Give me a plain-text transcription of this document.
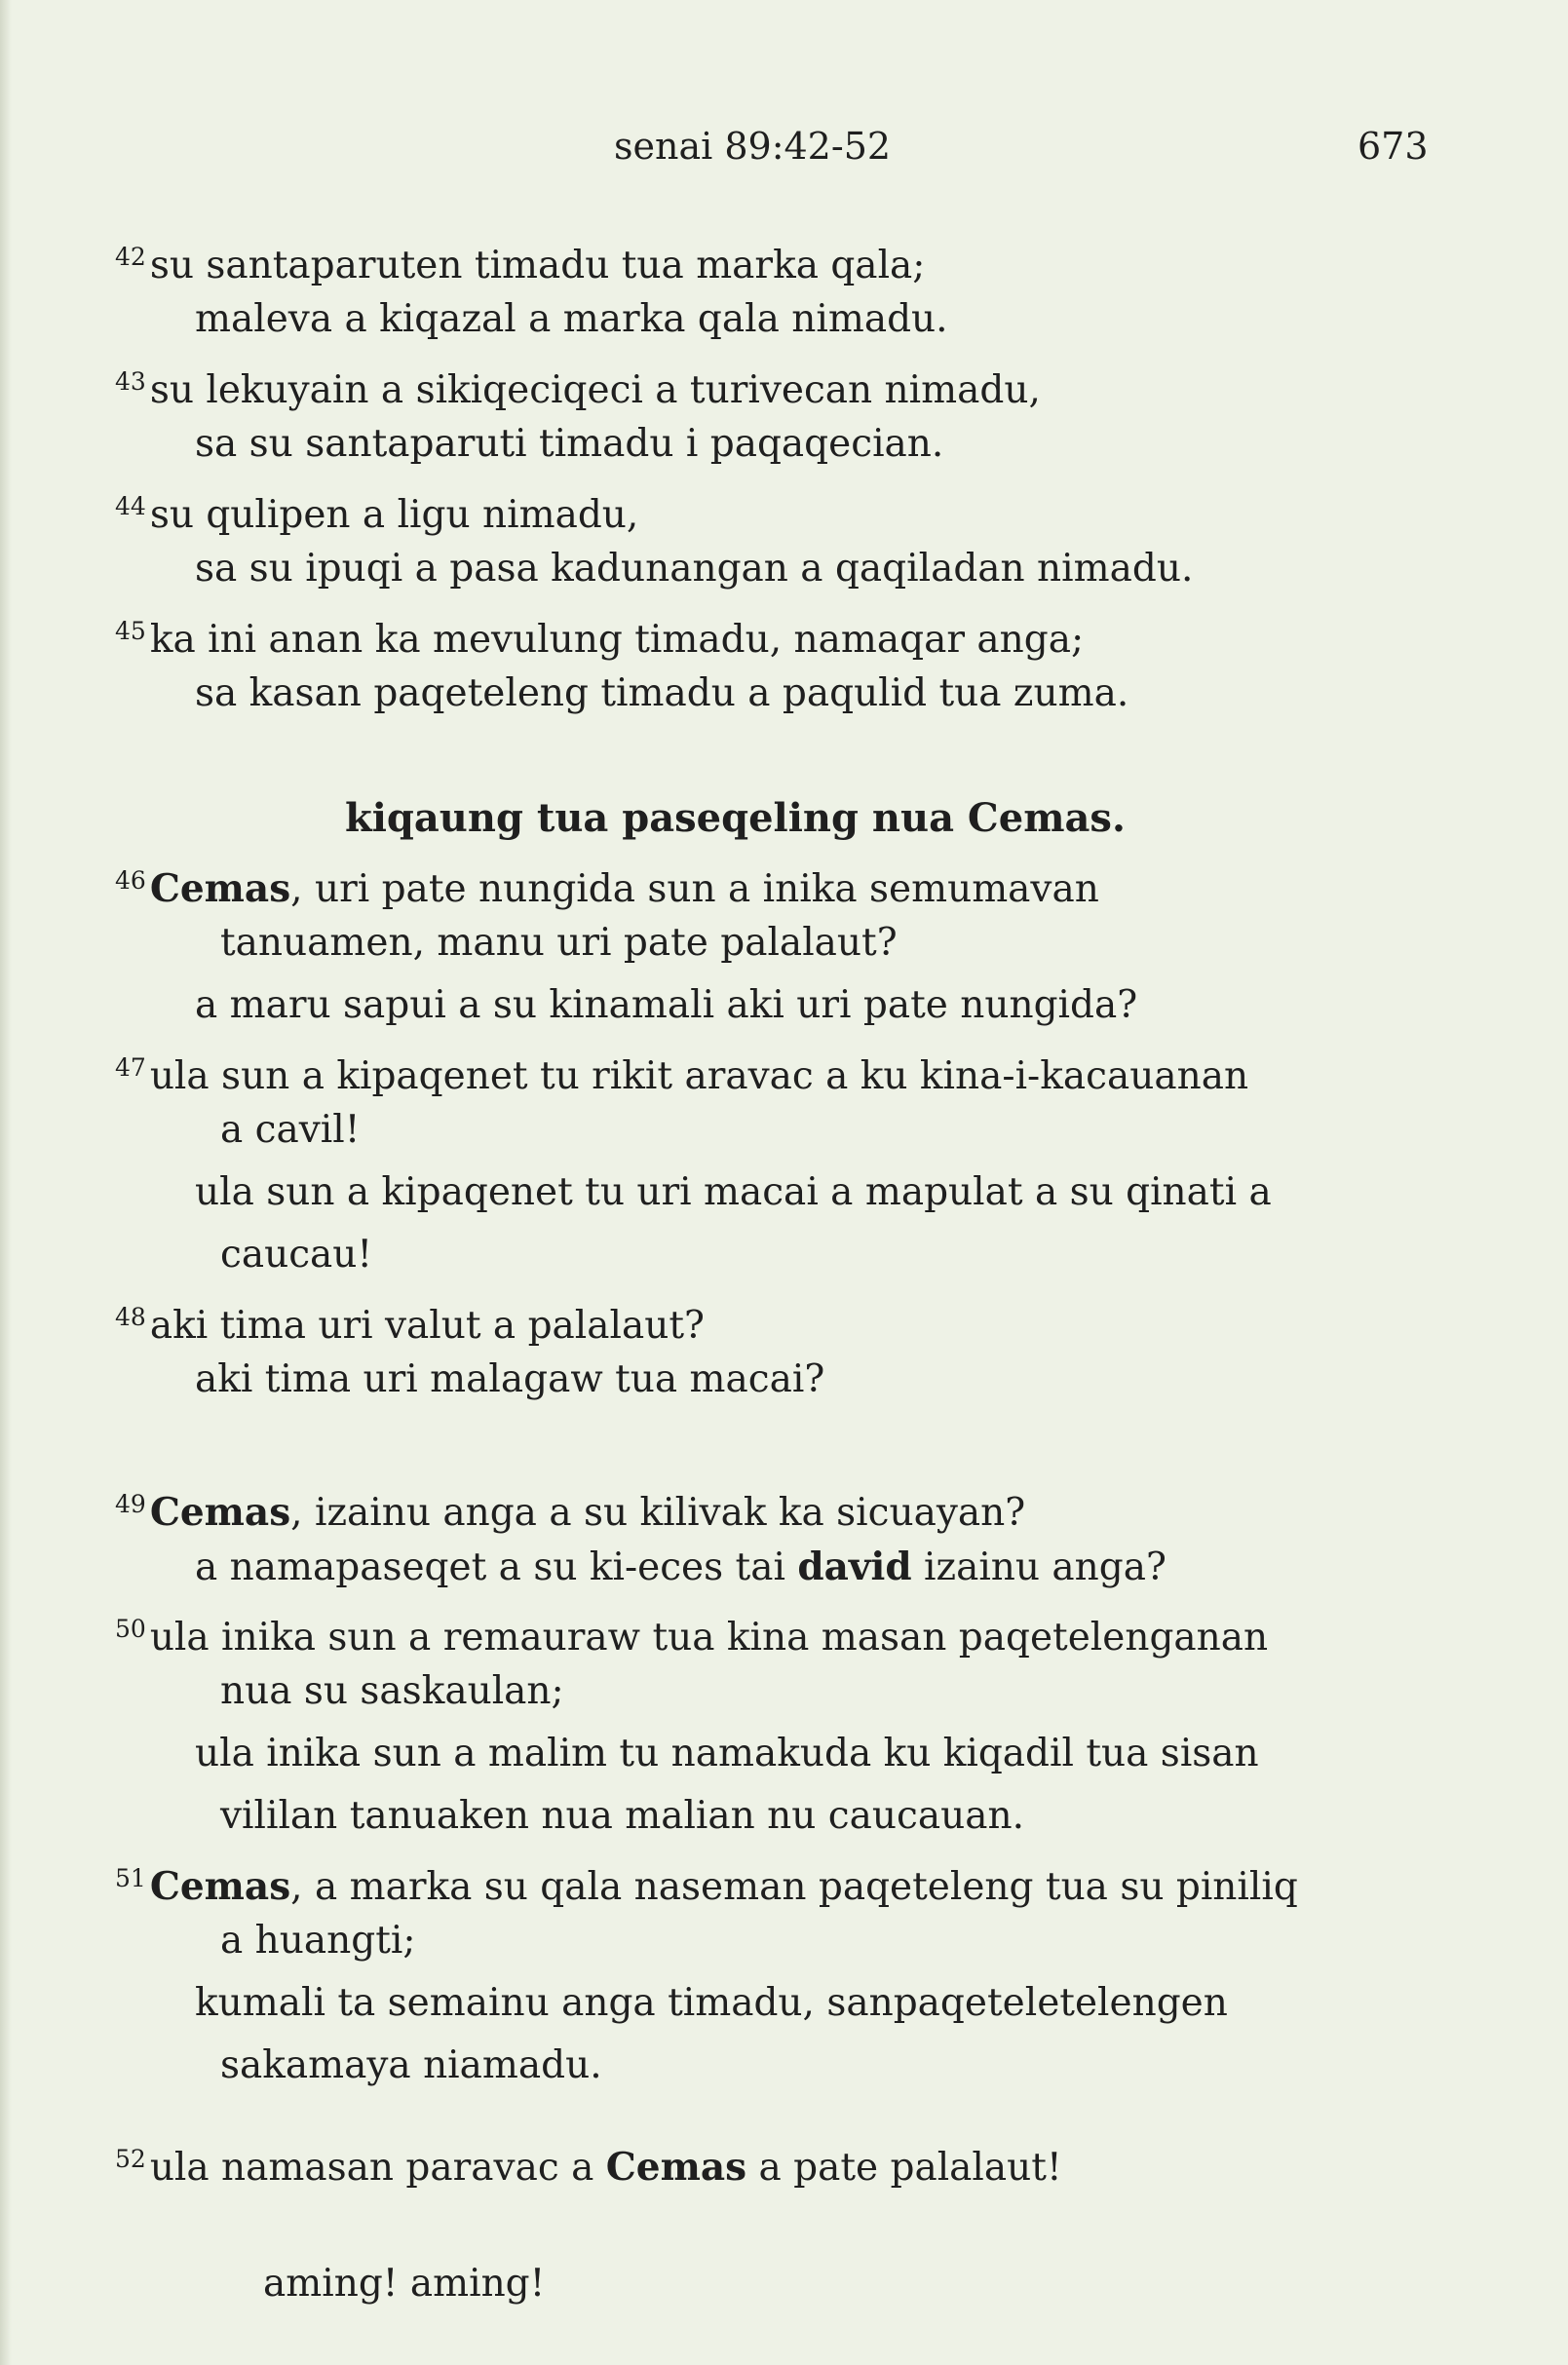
senai 89:42-52	673
$^{42}$ su santaparuten timadu tua marka qala;
maleva a kiqazal a marka qala nimadu.
$^{43}$ su lekuyain a sikiqeciqeci a turivecan nimadu,
sa su santaparuti timadu i paqaqecian.
$^{44}$ su qulipen a ligu nimadu,
sa su ipuqi a pasa kadunangan a qaqiladan nimadu.
$^{45}$ ka ini anan ka mevulung timadu, namaqar anga;
sa kasan paqeteleng timadu a paqulid tua zuma.
kiqaung tua paseqeling nua Cemas.
$^{46}$ Cemas, uri pate nungida sun a inika semumavan
tanuamen, manu uri pate palalaut?
a maru sapui a su kinamali aki uri pate nungida?
$^{47}$ ula sun a kipaqenet tu rikit aravac a ku kina-i-kacauanan
a cavil!
ula sun a kipaqenet tu uri macai a mapulat a su qinati a
caucau!
$^{48}$ aki tima uri valut a palalaut?
aki tima uri malagaw tua macai?
$^{49}$ Cemas, izainu anga a su kilivak ka sicuayan?
a namapaseqet a su ki-eces tai david izainu anga?
$^{50}$ ula inika sun a remauraw tua kina masan paqetelenganan
nua su saskaulan;
ula inika sun a malim tu namakuda ku kiqadil tua sisan
vililan tanuaken nua malian nu caucauan.
$^{51}$ Cemas, a marka su qala naseman paqeteleng tua su piniliq
a huangti;
kumali ta semainu anga timadu, sanpaqeteletelengen
sakamaya niamadu.
$^{52}$ ula namasan paravac a Cemas a pate palalaut!
aming! aming!
